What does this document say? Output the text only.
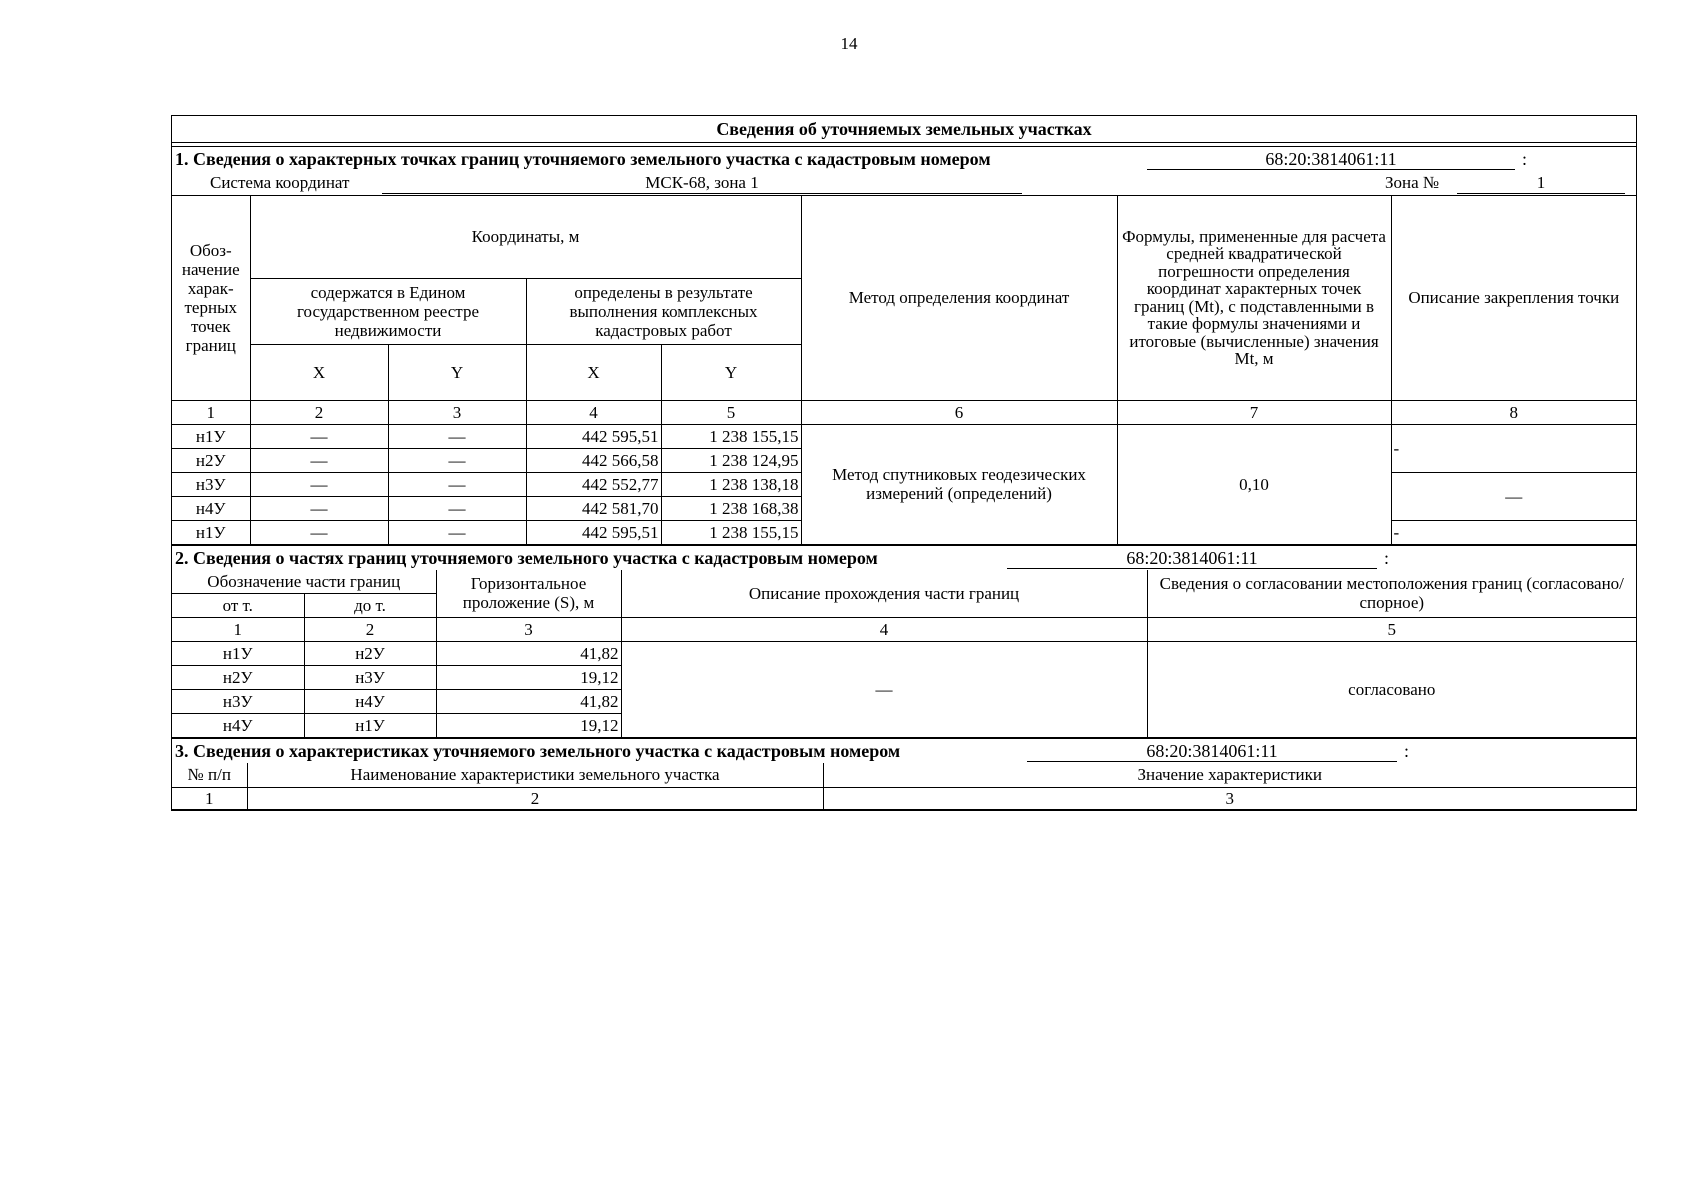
14
Сведения об уточняемых земельных участках
1. Сведения о характерных точках границ уточняемого земельного участка с кадастровым номером	68:20:3814061:11	:
Система координат	МСК-68, зона 1	Зона №	1
Обоз-начение харак-терных точек границ	Координаты, м				Метод определения координат	Формулы, примененные для расчета средней квадратической погрешности определения координат характерных точек границ (Mt), с подставленными в такие формулы значениями и итоговые (вычисленные) значения Mt, м	Описание закрепления точки
	содержатся в Едином государственном реестре недвижимости		определены в результате выполнения комплексных кадастровых работ				
	X	Y	X	Y			
1	2	3	4	5	6	7	8
н1У	—	—	442 595,51	1 238 155,15	Метод спутниковых геодезических измерений (определений)	0,10	-
н2У	—	—	442 566,58	1 238 124,95			
н3У	—	—	442 552,77	1 238 138,18			—
н4У	—	—	442 581,70	1 238 168,38			
н1У	—	—	442 595,51	1 238 155,15			-
2. Сведения о частях границ уточняемого земельного участка с кадастровым номером	68:20:3814061:11	:
Обозначение части границ		Горизонтальное проложение (S), м	Описание прохождения части границ	Сведения о согласовании местоположения границ (согласовано/спорное)
от т.	до т.			
1	2	3	4	5
н1У	н2У	41,82	—	согласовано
н2У	н3У	19,12		
н3У	н4У	41,82		
н4У	н1У	19,12		
3. Сведения о характеристиках уточняемого земельного участка с кадастровым номером	68:20:3814061:11	:
№ п/п	Наименование характеристики земельного участка	Значение характеристики
1	2	3
